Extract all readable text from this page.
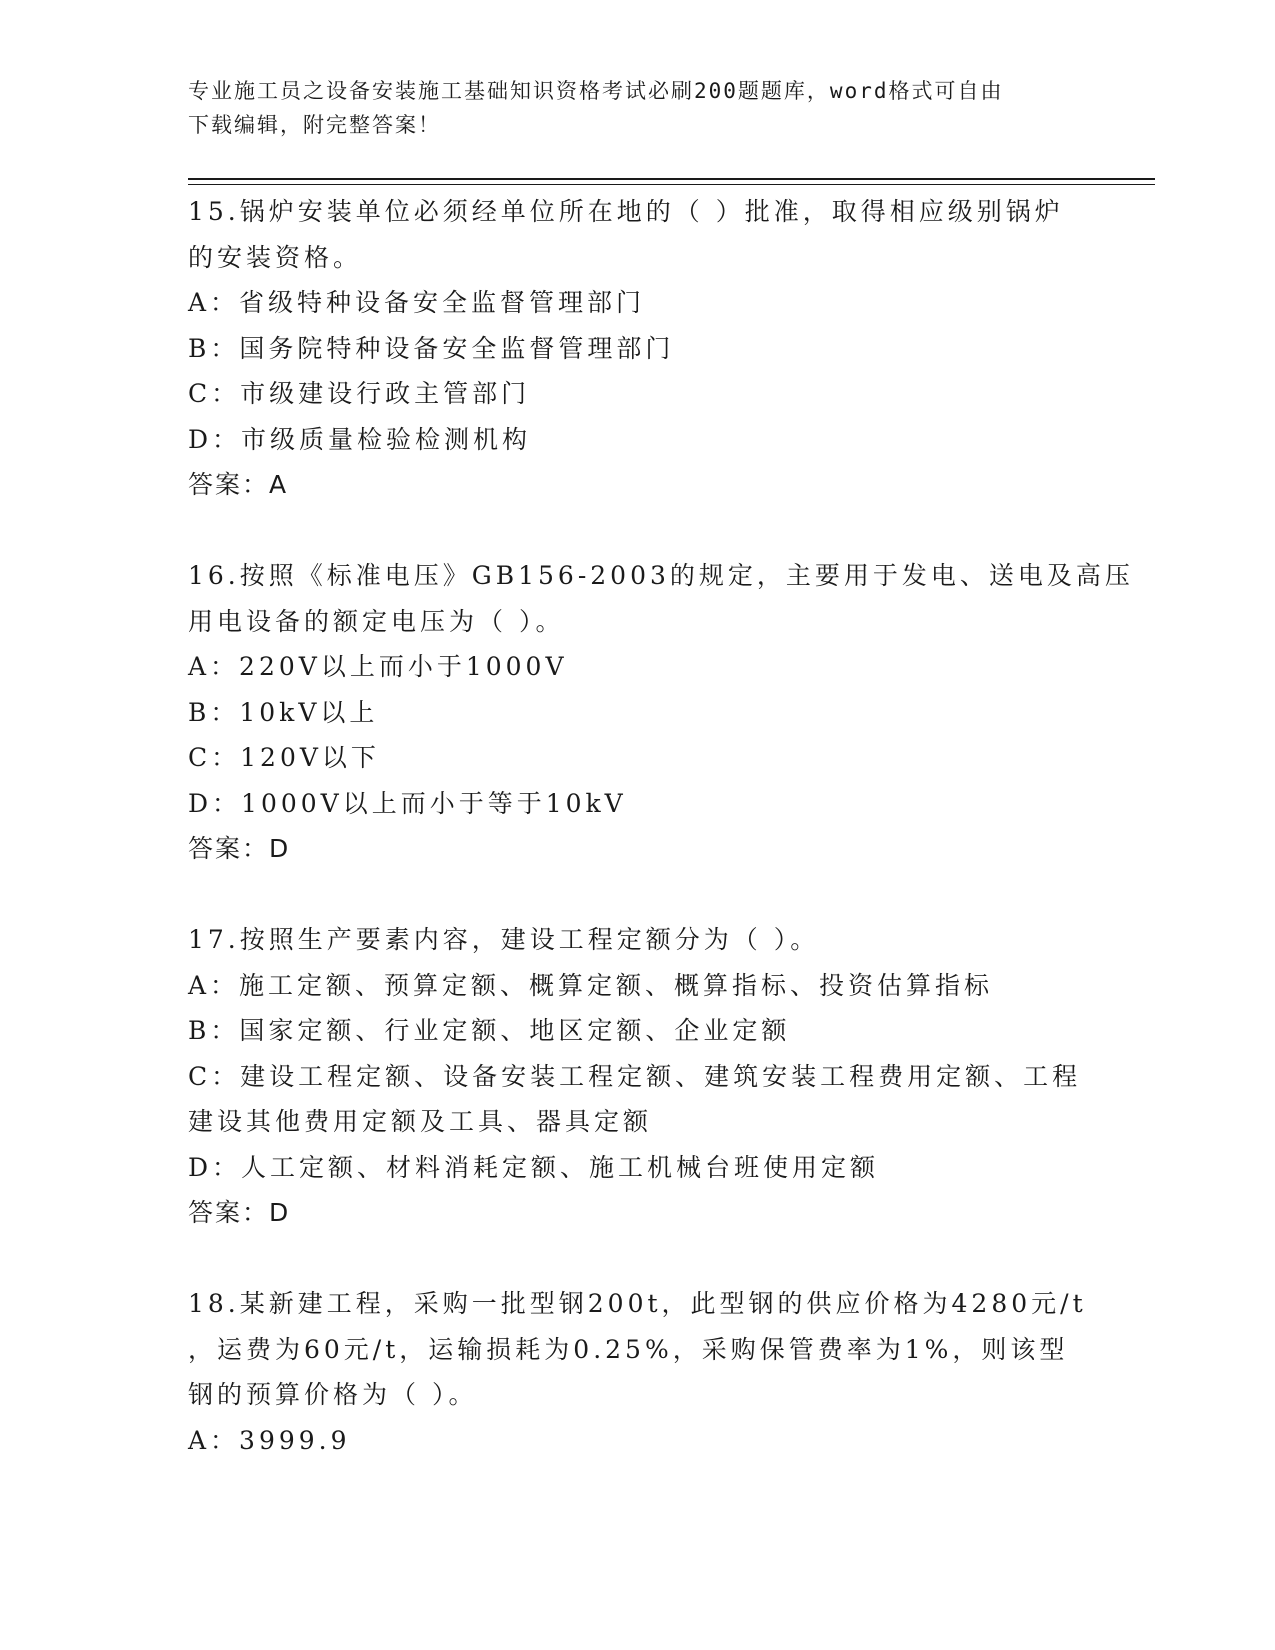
专业施工员之设备安装施工基础知识资格考试必刷200题题库，word格式可自由
下载编辑，附完整答案！
15.锅炉安装单位必须经单位所在地的（ ）批准，取得相应级别锅炉
的安装资格。
A：省级特种设备安全监督管理部门
B：国务院特种设备安全监督管理部门
C：市级建设行政主管部门
D：市级质量检验检测机构
答案：A
16.按照《标准电压》GB156-2003的规定，主要用于发电、送电及高压
用电设备的额定电压为（ ）。
A：220V以上而小于1000V
B：10kV以上
C：120V以下
D：1000V以上而小于等于10kV
答案：D
17.按照生产要素内容，建设工程定额分为（ ）。
A：施工定额、预算定额、概算定额、概算指标、投资估算指标
B：国家定额、行业定额、地区定额、企业定额
C：建设工程定额、设备安装工程定额、建筑安装工程费用定额、工程
建设其他费用定额及工具、器具定额
D：人工定额、材料消耗定额、施工机械台班使用定额
答案：D
18.某新建工程，采购一批型钢200t，此型钢的供应价格为4280元/t
，运费为60元/t，运输损耗为0.25%，采购保管费率为1%，则该型
钢的预算价格为（ ）。
A：3999.9
